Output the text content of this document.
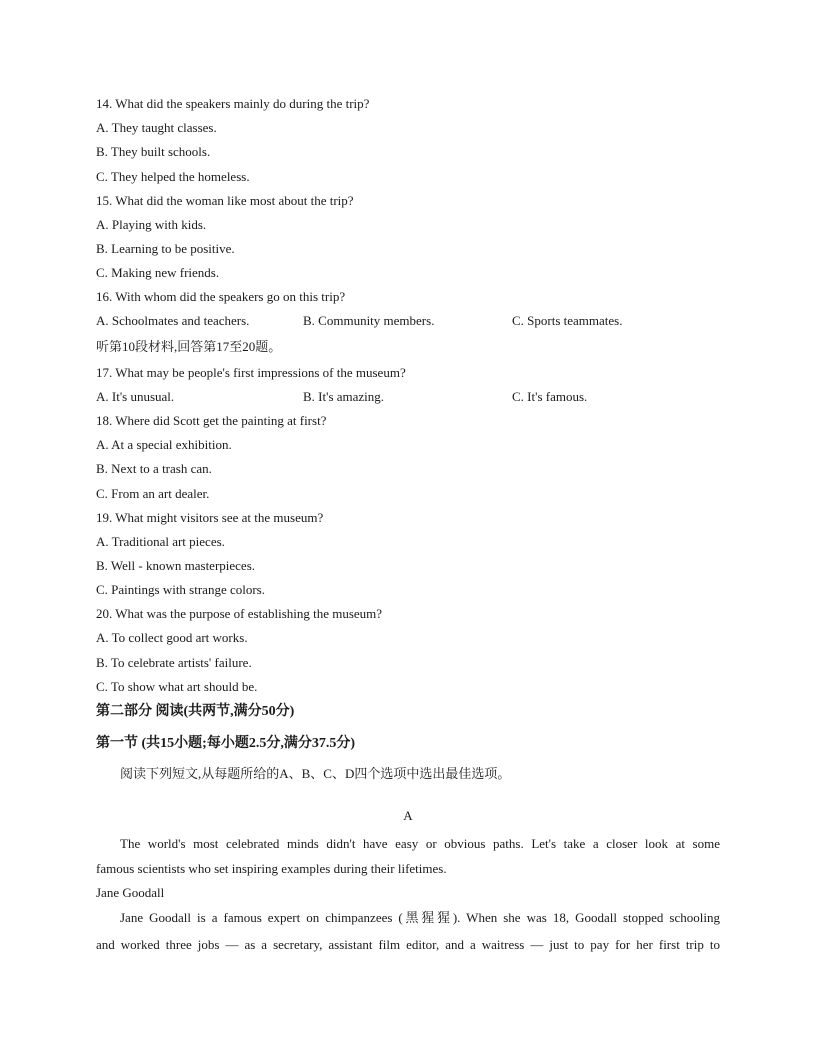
14. What did the speakers mainly do during the trip?
A. They taught classes.
B. They built schools.
C. They helped the homeless.
15. What did the woman like most about the trip?
A. Playing with kids.
B. Learning to be positive.
C. Making new friends.
16. With whom did the speakers go on this trip?
A. Schoolmates and teachers.	B. Community members.	C. Sports teammates.
听第10段材料,回答第17至20题。
17. What may be people's first impressions of the museum?
A. It's unusual.	B. It's amazing.	C. It's famous.
18. Where did Scott get the painting at first?
A. At a special exhibition.
B. Next to a trash can.
C. From an art dealer.
19. What might visitors see at the museum?
A. Traditional art pieces.
B. Well - known masterpieces.
C. Paintings with strange colors.
20. What was the purpose of establishing the museum?
A. To collect good art works.
B. To celebrate artists' failure.
C. To show what art should be.
第二部分 阅读(共两节,满分50分)
第一节 (共15小题;每小题2.5分,满分37.5分)
阅读下列短文,从每题所给的A、B、C、D四个选项中选出最佳选项。
A
The world's most celebrated minds didn't have easy or obvious paths. Let's take a closer look at some
famous scientists who set inspiring examples during their lifetimes.
Jane Goodall
Jane Goodall is a famous expert on chimpanzees (黑猩猩). When she was 18, Goodall stopped schooling
and worked three jobs — as a secretary, assistant film editor, and a waitress — just to pay for her first trip to
